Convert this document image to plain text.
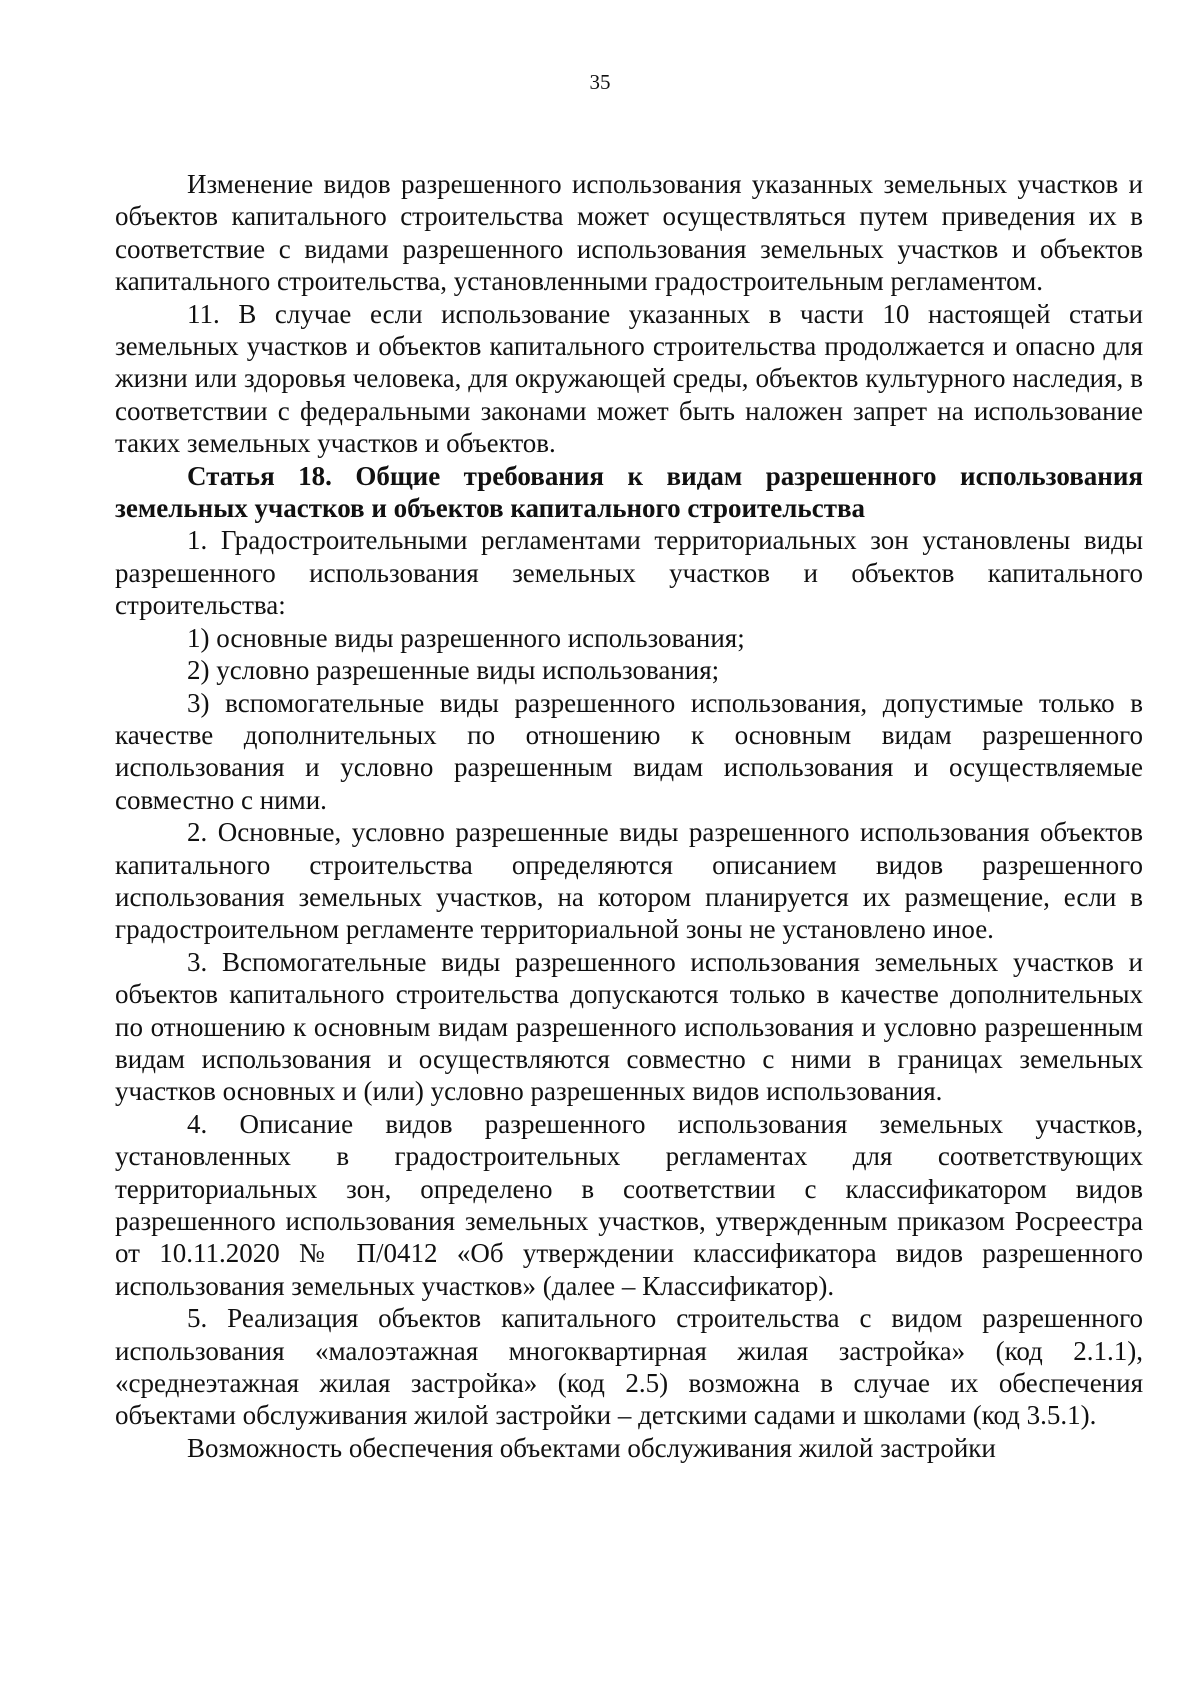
35

Изменение видов разрешенного использования указанных земельных участков и объектов капитального строительства может осуществляться путем приведения их в соответствие с видами разрешенного использования земельных участков и объектов капитального строительства, установленными градостроительным регламентом.

11. В случае если использование указанных в части 10 настоящей статьи земельных участков и объектов капитального строительства продолжается и опасно для жизни или здоровья человека, для окружающей среды, объектов культурного наследия, в соответствии с федеральными законами может быть наложен запрет на использование таких земельных участков и объектов.

Статья 18. Общие требования к видам разрешенного использования земельных участков и объектов капитального строительства

1. Градостроительными регламентами территориальных зон установлены виды разрешенного использования земельных участков и объектов капитального строительства:

1) основные виды разрешенного использования;

2) условно разрешенные виды использования;

3) вспомогательные виды разрешенного использования, допустимые только в качестве дополнительных по отношению к основным видам разрешенного использования и условно разрешенным видам использования и осуществляемые совместно с ними.

2. Основные, условно разрешенные виды разрешенного использования объектов капитального строительства определяются описанием видов разрешенного использования земельных участков, на котором планируется их размещение, если в градостроительном регламенте территориальной зоны не установлено иное.

3. Вспомогательные виды разрешенного использования земельных участков и объектов капитального строительства допускаются только в качестве дополнительных по отношению к основным видам разрешенного использования и условно разрешенным видам использования и осуществляются совместно с ними в границах земельных участков основных и (или) условно разрешенных видов использования.

4. Описание видов разрешенного использования земельных участков, установленных в градостроительных регламентах для соответствующих территориальных зон, определено в соответствии с классификатором видов разрешенного использования земельных участков, утвержденным приказом Росреестра от 10.11.2020 № П/0412 «Об утверждении классификатора видов разрешенного использования земельных участков» (далее – Классификатор).

5. Реализация объектов капитального строительства с видом разрешенного использования «малоэтажная многоквартирная жилая застройка» (код 2.1.1), «среднеэтажная жилая застройка» (код 2.5) возможна в случае их обеспечения объектами обслуживания жилой застройки – детскими садами и школами (код 3.5.1).

Возможность обеспечения объектами обслуживания жилой застройки
